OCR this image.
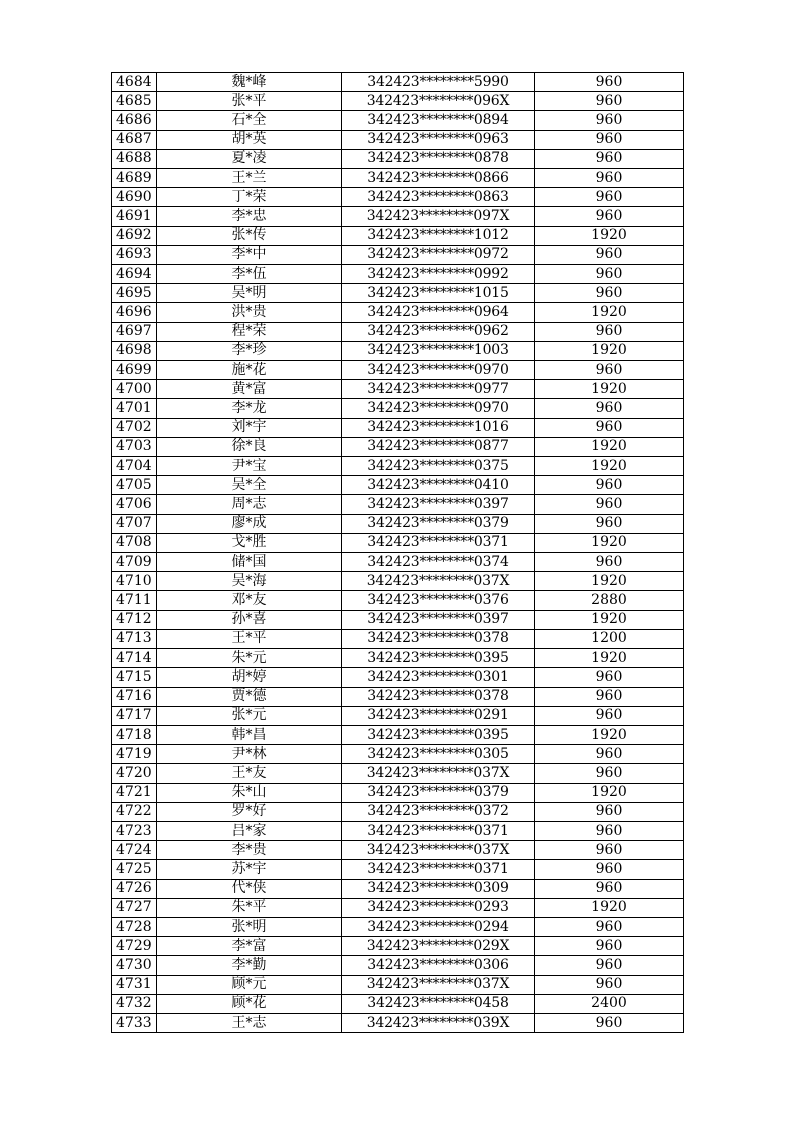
4684	魏*峰	342423********5990	960
4685	张*平	342423********096X	960
4686	石*全	342423********0894	960
4687	胡*英	342423********0963	960
4688	夏*凌	342423********0878	960
4689	王*兰	342423********0866	960
4690	丁*荣	342423********0863	960
4691	李*忠	342423********097X	960
4692	张*传	342423********1012	1920
4693	李*中	342423********0972	960
4694	李*伍	342423********0992	960
4695	吴*明	342423********1015	960
4696	洪*贵	342423********0964	1920
4697	程*荣	342423********0962	960
4698	李*珍	342423********1003	1920
4699	施*花	342423********0970	960
4700	黄*富	342423********0977	1920
4701	李*龙	342423********0970	960
4702	刘*宇	342423********1016	960
4703	徐*良	342423********0877	1920
4704	尹*宝	342423********0375	1920
4705	吴*全	342423********0410	960
4706	周*志	342423********0397	960
4707	廖*成	342423********0379	960
4708	戈*胜	342423********0371	1920
4709	储*国	342423********0374	960
4710	吴*海	342423********037X	1920
4711	邓*友	342423********0376	2880
4712	孙*喜	342423********0397	1920
4713	王*平	342423********0378	1200
4714	朱*元	342423********0395	1920
4715	胡*婷	342423********0301	960
4716	贾*德	342423********0378	960
4717	张*元	342423********0291	960
4718	韩*昌	342423********0395	1920
4719	尹*林	342423********0305	960
4720	王*友	342423********037X	960
4721	朱*山	342423********0379	1920
4722	罗*好	342423********0372	960
4723	吕*家	342423********0371	960
4724	李*贵	342423********037X	960
4725	苏*宇	342423********0371	960
4726	代*侠	342423********0309	960
4727	朱*平	342423********0293	1920
4728	张*明	342423********0294	960
4729	李*富	342423********029X	960
4730	李*勤	342423********0306	960
4731	顾*元	342423********037X	960
4732	顾*花	342423********0458	2400
4733	王*志	342423********039X	960
